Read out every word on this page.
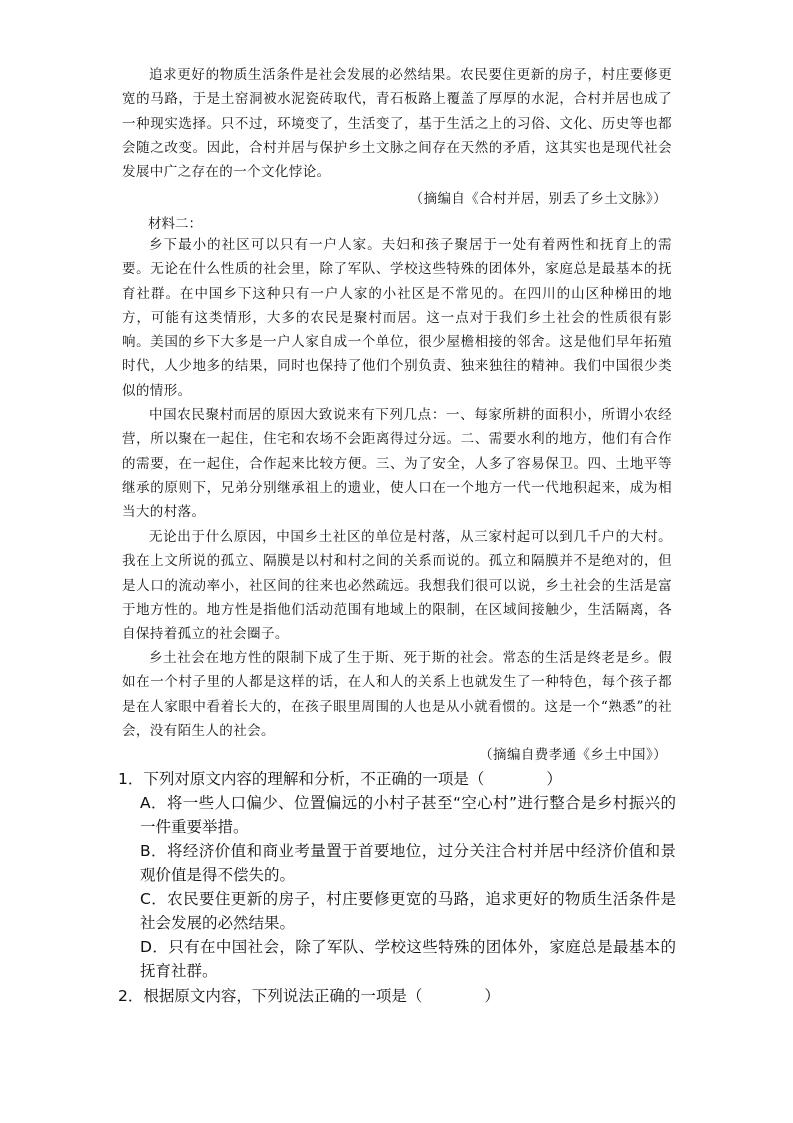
追求更好的物质生活条件是社会发展的必然结果。农民要住更新的房子，村庄要修更宽的马路，于是土窑洞被水泥瓷砖取代，青石板路上覆盖了厚厚的水泥，合村并居也成了一种现实选择。只不过，环境变了，生活变了，基于生活之上的习俗、文化、历史等也都会随之改变。因此，合村并居与保护乡土文脉之间存在天然的矛盾，这其实也是现代社会发展中广之存在的一个文化悖论。

（摘编自《合村并居，别丢了乡土文脉》）

材料二：

乡下最小的社区可以只有一户人家。夫妇和孩子聚居于一处有着两性和抚育上的需要。无论在什么性质的社会里，除了军队、学校这些特殊的团体外，家庭总是最基本的抚育社群。在中国乡下这种只有一户人家的小社区是不常见的。在四川的山区种梯田的地方，可能有这类情形，大多的农民是聚村而居。这一点对于我们乡土社会的性质很有影响。美国的乡下大多是一户人家自成一个单位，很少屋檐相接的邻舍。这是他们早年拓殖时代，人少地多的结果，同时也保持了他们个别负责、独来独往的精神。我们中国很少类似的情形。

中国农民聚村而居的原因大致说来有下列几点：一、每家所耕的面积小，所谓小农经营，所以聚在一起住，住宅和农场不会距离得过分远。二、需要水利的地方，他们有合作的需要，在一起住，合作起来比较方便。三、为了安全，人多了容易保卫。四、土地平等继承的原则下，兄弟分别继承祖上的遗业，使人口在一个地方一代一代地积起来，成为相当大的村落。

无论出于什么原因，中国乡土社区的单位是村落，从三家村起可以到几千户的大村。我在上文所说的孤立、隔膜是以村和村之间的关系而说的。孤立和隔膜并不是绝对的，但是人口的流动率小，社区间的往来也必然疏远。我想我们很可以说，乡土社会的生活是富于地方性的。地方性是指他们活动范围有地域上的限制，在区域间接触少，生活隔离，各自保持着孤立的社会圈子。

乡土社会在地方性的限制下成了生于斯、死于斯的社会。常态的生活是终老是乡。假如在一个村子里的人都是这样的话，在人和人的关系上也就发生了一种特色，每个孩子都是在人家眼中看着长大的，在孩子眼里周围的人也是从小就看惯的。这是一个“熟悉”的社会，没有陌生人的社会。

（摘编自费孝通《乡土中国》）

1．下列对原文内容的理解和分析，不正确的一项是（　　　　）

A．将一些人口偏少、位置偏远的小村子甚至“空心村”进行整合是乡村振兴的一件重要举措。

B．将经济价值和商业考量置于首要地位，过分关注合村并居中经济价值和景观价值是得不偿失的。

C．农民要住更新的房子，村庄要修更宽的马路，追求更好的物质生活条件是社会发展的必然结果。

D．只有在中国社会，除了军队、学校这些特殊的团体外，家庭总是最基本的抚育社群。

2．根据原文内容，下列说法正确的一项是（　　　　）
